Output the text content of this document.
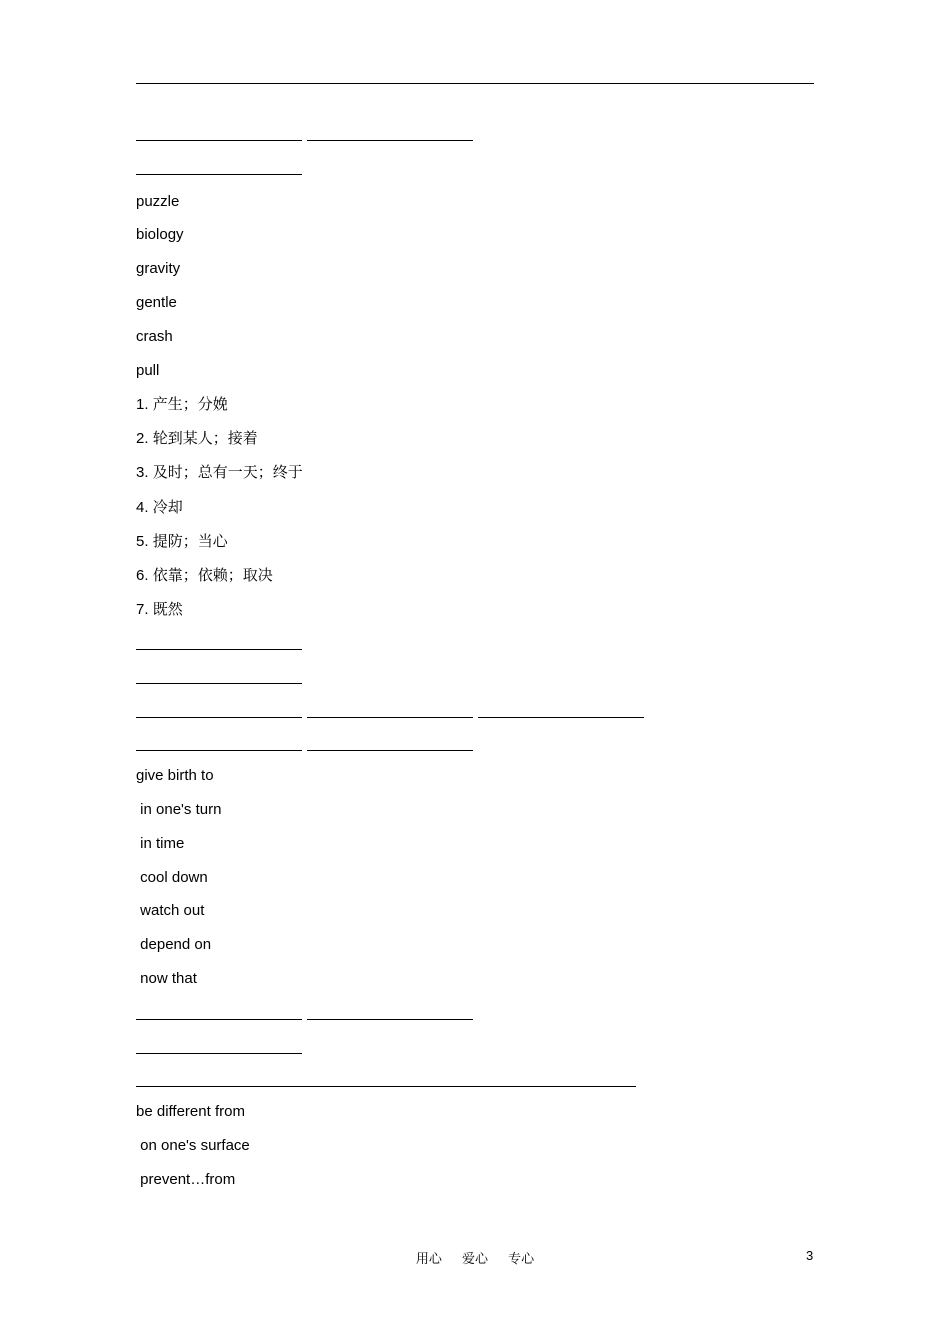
puzzle
biology
gravity
gentle
crash
pull
1. 产生；分娩
2. 轮到某人；接着
3. 及时；总有一天；终于
4. 冷却
5. 提防；当心
6. 依靠；依赖；取决
7. 既然
give birth to
in one's turn
in time
cool down
watch out
depend on
now that
be different from
on one's surface
prevent…from
用心 爱心 专心	3
